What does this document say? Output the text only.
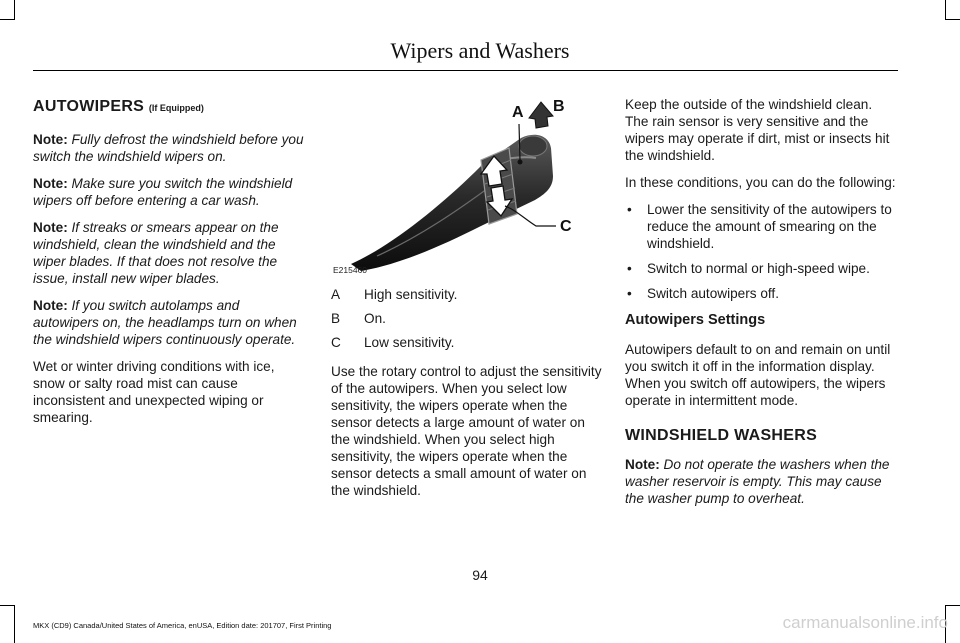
Wipers and Washers
AUTOWIPERS (If Equipped)

Note: Fully defrost the windshield before you switch the windshield wipers on.

Note: Make sure you switch the windshield wipers off before entering a car wash.

Note: If streaks or smears appear on the windshield, clean the windshield and the wiper blades. If that does not resolve the issue, install new wiper blades.

Note: If you switch autolamps and autowipers on, the headlamps turn on when the windshield wipers continuously operate.

Wet or winter driving conditions with ice, snow or salty road mist can cause inconsistent and unexpected wiping or smearing.

A B
C
E215460
A	High sensitivity.
B	On.
C	Low sensitivity.

Use the rotary control to adjust the sensitivity of the autowipers. When you select low sensitivity, the wipers operate when the sensor detects a large amount of water on the windshield. When you select high sensitivity, the wipers operate when the sensor detects a small amount of water on the windshield.

Keep the outside of the windshield clean. The rain sensor is very sensitive and the wipers may operate if dirt, mist or insects hit the windshield.

In these conditions, you can do the following:

• Lower the sensitivity of the autowipers to reduce the amount of smearing on the windshield.
• Switch to normal or high-speed wipe.
• Switch autowipers off.
Autowipers Settings

Autowipers default to on and remain on until you switch it off in the information display. When you switch off autowipers, the wipers operate in intermittent mode.

WINDSHIELD WASHERS

Note: Do not operate the washers when the washer reservoir is empty. This may cause the washer pump to overheat.

94
MKX (CD9) Canada/United States of America, enUSA, Edition date: 201707, First Printing	carmanualsonline.info
